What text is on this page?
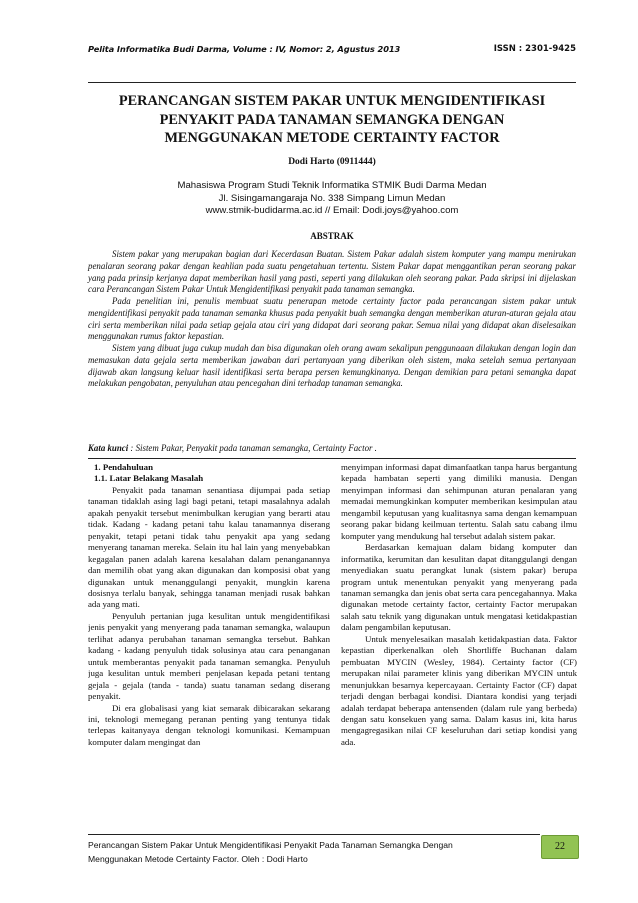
Pelita Informatika Budi Darma, Volume : IV, Nomor: 2, Agustus 2013	ISSN : 2301-9425
PERANCANGAN SISTEM PAKAR UNTUK MENGIDENTIFIKASI
PENYAKIT PADA TANAMAN SEMANGKA DENGAN
MENGGUNAKAN METODE CERTAINTY FACTOR
Dodi Harto (0911444)
Mahasiswa Program Studi Teknik Informatika STMIK Budi Darma Medan
Jl. Sisingamangaraja No. 338 Simpang Limun Medan
www.stmik-budidarma.ac.id // Email: Dodi.joys@yahoo.com
ABSTRAK

Sistem pakar yang merupakan bagian dari Kecerdasan Buatan. Sistem Pakar adalah sistem komputer yang mampu menirukan penalaran seorang pakar dengan keahlian pada suatu pengetahuan tertentu. Sistem Pakar dapat menggantikan peran seorang pakar yang pada prinsip kerjanya dapat memberikan hasil yang pasti, seperti yang dilakukan oleh seorang pakar. Pada skripsi ini dijelaskan cara Perancangan Sistem Pakar Untuk Mengidentifikasi penyakit pada tanaman semangka.

Pada penelitian ini, penulis membuat suatu penerapan metode certainty factor pada perancangan sistem pakar untuk mengidentifikasi penyakit pada tanaman semanka khusus pada penyakit buah semangka dengan memberikan aturan-aturan gejala atau ciri serta memberikan nilai pada setiap gejala atau ciri yang didapat dari seorang pakar. Semua nilai yang didapat akan diselesaikan menggunakan rumus faktor kepastian.

Sistem yang dibuat juga cukup mudah dan bisa digunakan oleh orang awam sekalipun penggunaaan dilakukan dengan login dan memasukan data gejala serta memberikan jawaban dari pertanyaan yang diberikan oleh sistem, maka setelah semua pertanyaan dijawab akan langsung keluar hasil identifikasi serta berapa persen kemungkinanya. Dengan demikian para petani semangka dapat melakukan pengobatan, penyuluhan atau pencegahan dini terhadap tanaman semangka.

Kata kunci : Sistem Pakar, Penyakit pada tanaman semangka, Certainty Factor .

1. Pendahuluan

1.1. Latar Belakang Masalah

Penyakit pada tanaman senantiasa dijumpai pada setiap tanaman tidaklah asing lagi bagi petani, tetapi masalahnya adalah apakah penyakit tersebut menimbulkan kerugian yang berarti atau tidak. Kadang - kadang petani tahu kalau tanamannya diserang penyakit, tetapi petani tidak tahu penyakit apa yang sedang menyerang tanaman mereka. Selain itu hal lain yang menyebabkan kegagalan panen adalah karena kesalahan dalam penanganannya dan memilih obat yang akan digunakan dan komposisi obat yang digunakan untuk menanggulangi penyakit, mungkin karena dosisnya terlalu banyak, sehingga tanaman menjadi rusak bahkan ada yang mati.

Penyuluh pertanian juga kesulitan untuk mengidentifikasi jenis penyakit yang menyerang pada tanaman semangka, walaupun terlihat adanya perubahan tanaman semangka tersebut. Bahkan kadang - kadang penyuluh tidak solusinya atau cara penanganan untuk memberantas penyakit pada tanaman semangka. Penyuluh juga kesulitan untuk memberi penjelasan kepada petani tentang gejala - gejala (tanda - tanda) suatu tanaman sedang diserang penyakit.

Di era globalisasi yang kiat semarak dibicarakan sekarang ini, teknologi memegang peranan penting yang tentunya tidak terlepas kaitanyaya dengan teknologi komunikasi. Kemampuan komputer dalam mengingat dan

menyimpan informasi dapat dimanfaatkan tanpa harus bergantung kepada hambatan seperti yang dimiliki manusia. Dengan menyimpan informasi dan sehimpunan aturan penalaran yang memadai memungkinkan komputer memberikan kesimpulan atau mengambil keputusan yang kualitasnya sama dengan kemampuan seorang pakar bidang keilmuan tertentu. Salah satu cabang ilmu komputer yang mendukung hal tersebut adalah sistem pakar.

Berdasarkan kemajuan dalam bidang komputer dan informatika, kerumitan dan kesulitan dapat ditanggulangi dengan menyediakan suatu perangkat lunak (sistem pakar) berupa program untuk menentukan penyakit yang menyerang pada tanaman semangka dan jenis obat serta cara pencegahannya. Maka digunakan metode certainty factor, certainty Factor merupakan salah satu teknik yang digunakan untuk mengatasi ketidakpastian dalam pengambilan keputusan.

Untuk menyelesaikan masalah ketidakpastian data. Faktor kepastian diperkenalkan oleh Shortliffe Buchanan dalam pembuatan MYCIN (Wesley, 1984). Certainty factor (CF) merupakan nilai parameter klinis yang diberikan MYCIN untuk menunjukkan besarnya kepercayaan. Certainty Factor (CF) dapat terjadi dengan berbagai kondisi. Diantara kondisi yang terjadi adalah terdapat beberapa antensenden (dalam rule yang berbeda) dengan satu konsekuen yang sama. Dalam kasus ini, kita harus mengagregasikan nilai CF keseluruhan dari setiap kondisi yang ada.

Perancangan Sistem Pakar Untuk Mengidentifikasi Penyakit Pada Tanaman Semangka Dengan
Menggunakan Metode Certainty Factor. Oleh : Dodi Harto
22
